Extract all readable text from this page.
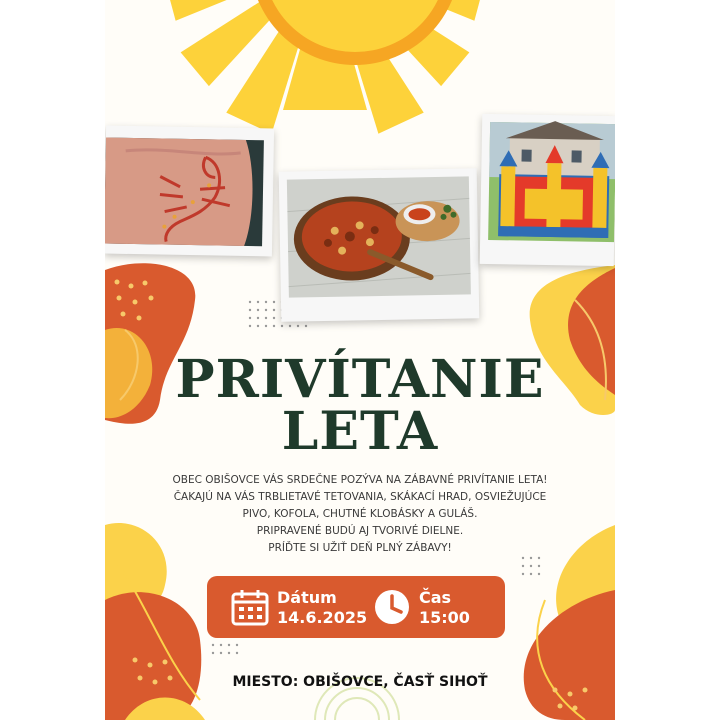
PRIVÍTANIE
LETA
OBEC OBIŠOVCE VÁS SRDEČNE POZÝVA NA ZÁBAVNÉ PRIVÍTANIE LETA!
ČAKAJÚ NA VÁS TRBLIETAVÉ TETOVANIA, SKÁKACÍ HRAD, OSVIEŽUJÚCE
PIVO, KOFOLA, CHUTNÉ KLOBÁSKY A GULÁŠ.
PRIPRAVENÉ BUDÚ AJ TVORIVÉ DIELNE.
PRÍĎTE SI UŽIŤ DEŇ PLNÝ ZÁBAVY!
Dátum
14.6.2025
Čas
15:00
MIESTO: OBIŠOVCE, ČASŤ SIHOŤ
